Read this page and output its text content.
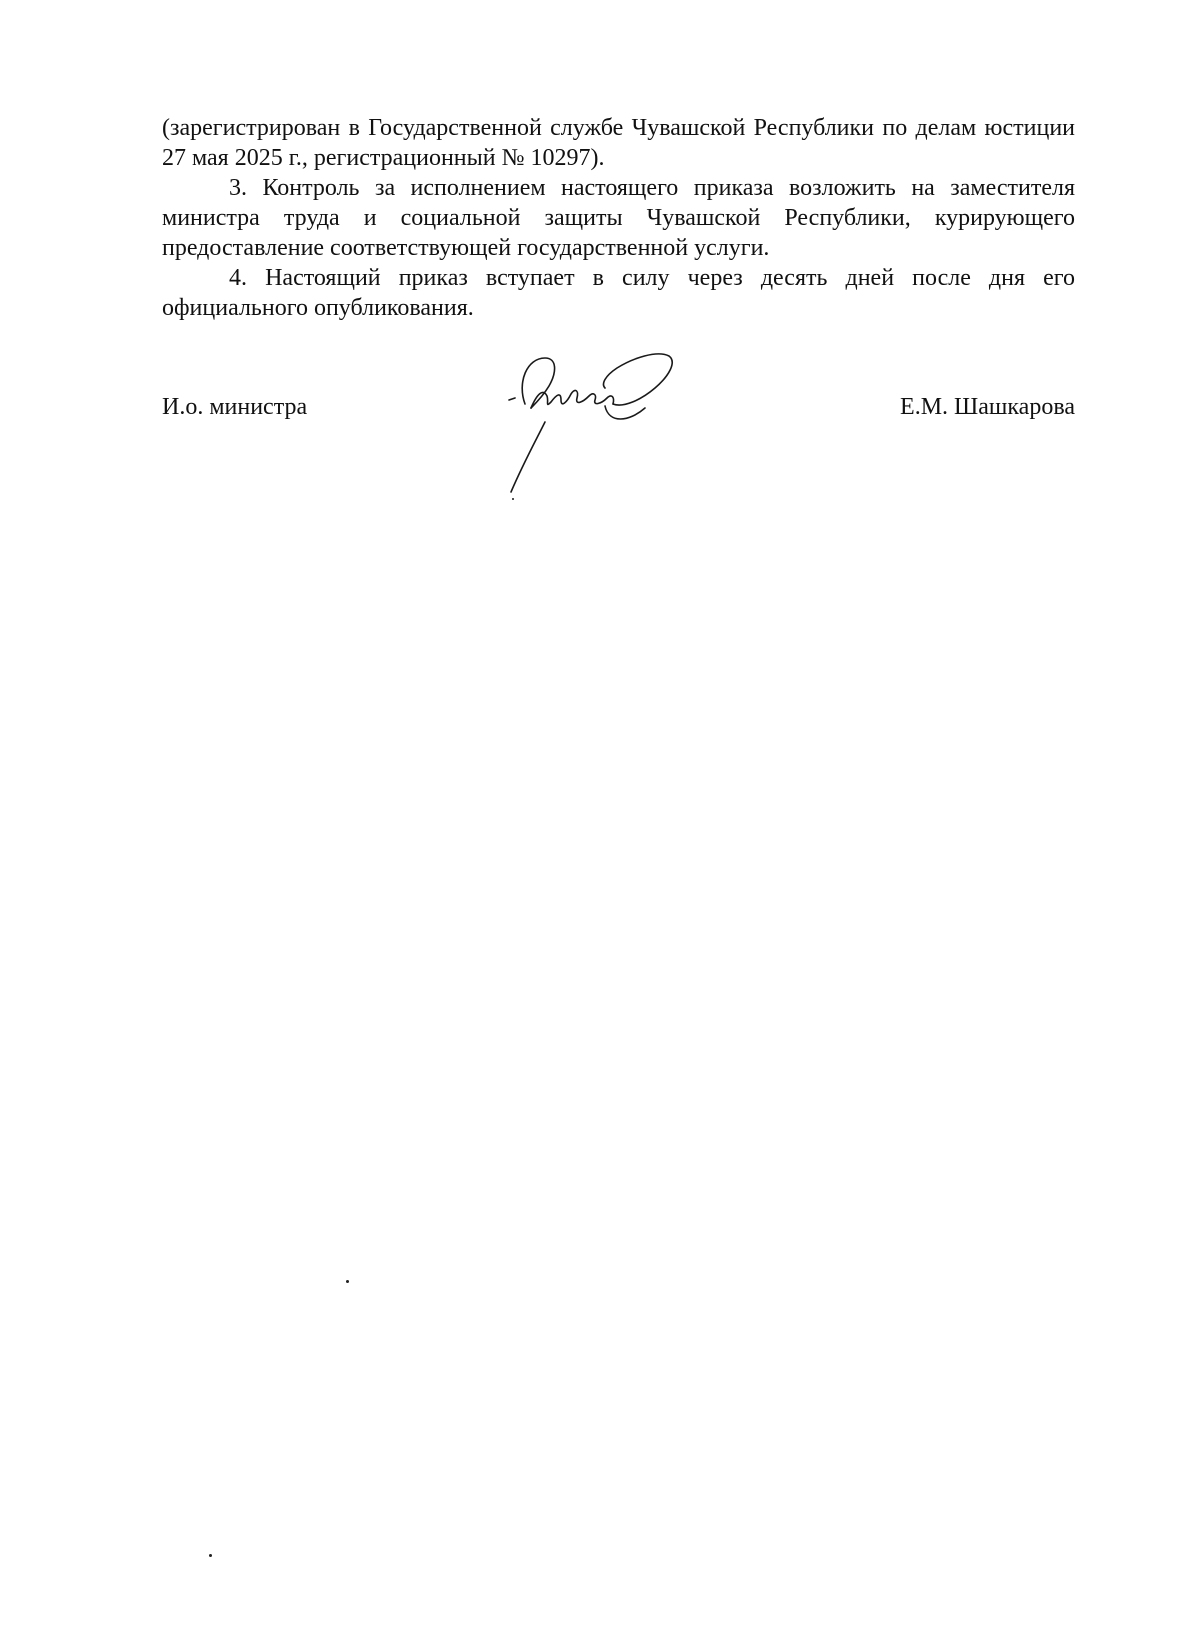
(зарегистрирован в Государственной службе Чувашской Республики по делам юстиции 27 мая 2025 г., регистрационный № 10297).

3. Контроль за исполнением настоящего приказа возложить на заместителя министра труда и социальной защиты Чувашской Республики, курирующего предоставление соответствующей государственной услуги.

4. Настоящий приказ вступает в силу через десять дней после дня его официального опубликования.

И.о. министра	Е.М. Шашкарова
